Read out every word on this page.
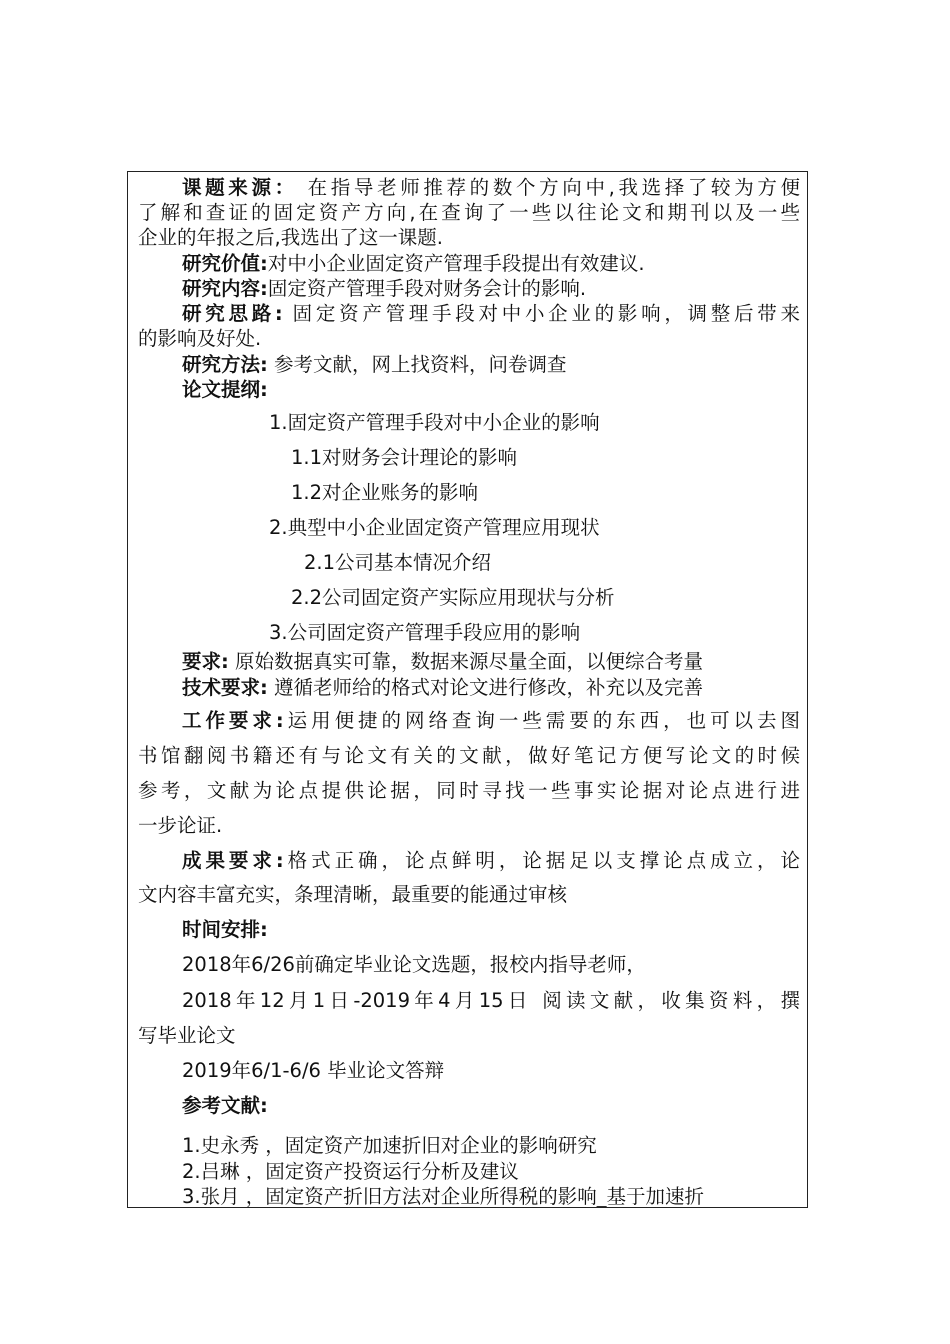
课题来源： 在指导老师推荐的数个方向中,我选择了较为方便
了解和查证的固定资产方向,在查询了一些以往论文和期刊以及一些
企业的年报之后,我选出了这一课题.
研究价值:对中小企业固定资产管理手段提出有效建议.
研究内容:固定资产管理手段对财务会计的影响.
研究思路: 固定资产管理手段对中小企业的影响，调整后带来
的影响及好处.
研究方法: 参考文献，网上找资料，问卷调查
论文提纲:
1.固定资产管理手段对中小企业的影响
1.1对财务会计理论的影响
1.2对企业账务的影响
2.典型中小企业固定资产管理应用现状
2.1公司基本情况介绍
2.2公司固定资产实际应用现状与分析
3.公司固定资产管理手段应用的影响
要求: 原始数据真实可靠，数据来源尽量全面，以便综合考量
技术要求: 遵循老师给的格式对论文进行修改，补充以及完善
工作要求:运用便捷的网络查询一些需要的东西，也可以去图
书馆翻阅书籍还有与论文有关的文献，做好笔记方便写论文的时候
参考，文献为论点提供论据，同时寻找一些事实论据对论点进行进
一步论证.
成果要求:格式正确，论点鲜明，论据足以支撑论点成立，论
文内容丰富充实，条理清晰，最重要的能通过审核
时间安排:
2018年6/26前确定毕业论文选题，报校内指导老师，
2018年12月1日-2019年4月15日 阅读文献，收集资料，撰
写毕业论文
2019年6/1-6/6 毕业论文答辩
参考文献:
1.史永秀 ，固定资产加速折旧对企业的影响研究
2.吕琳 ，固定资产投资运行分析及建议
3.张月 ，固定资产折旧方法对企业所得税的影响_基于加速折
